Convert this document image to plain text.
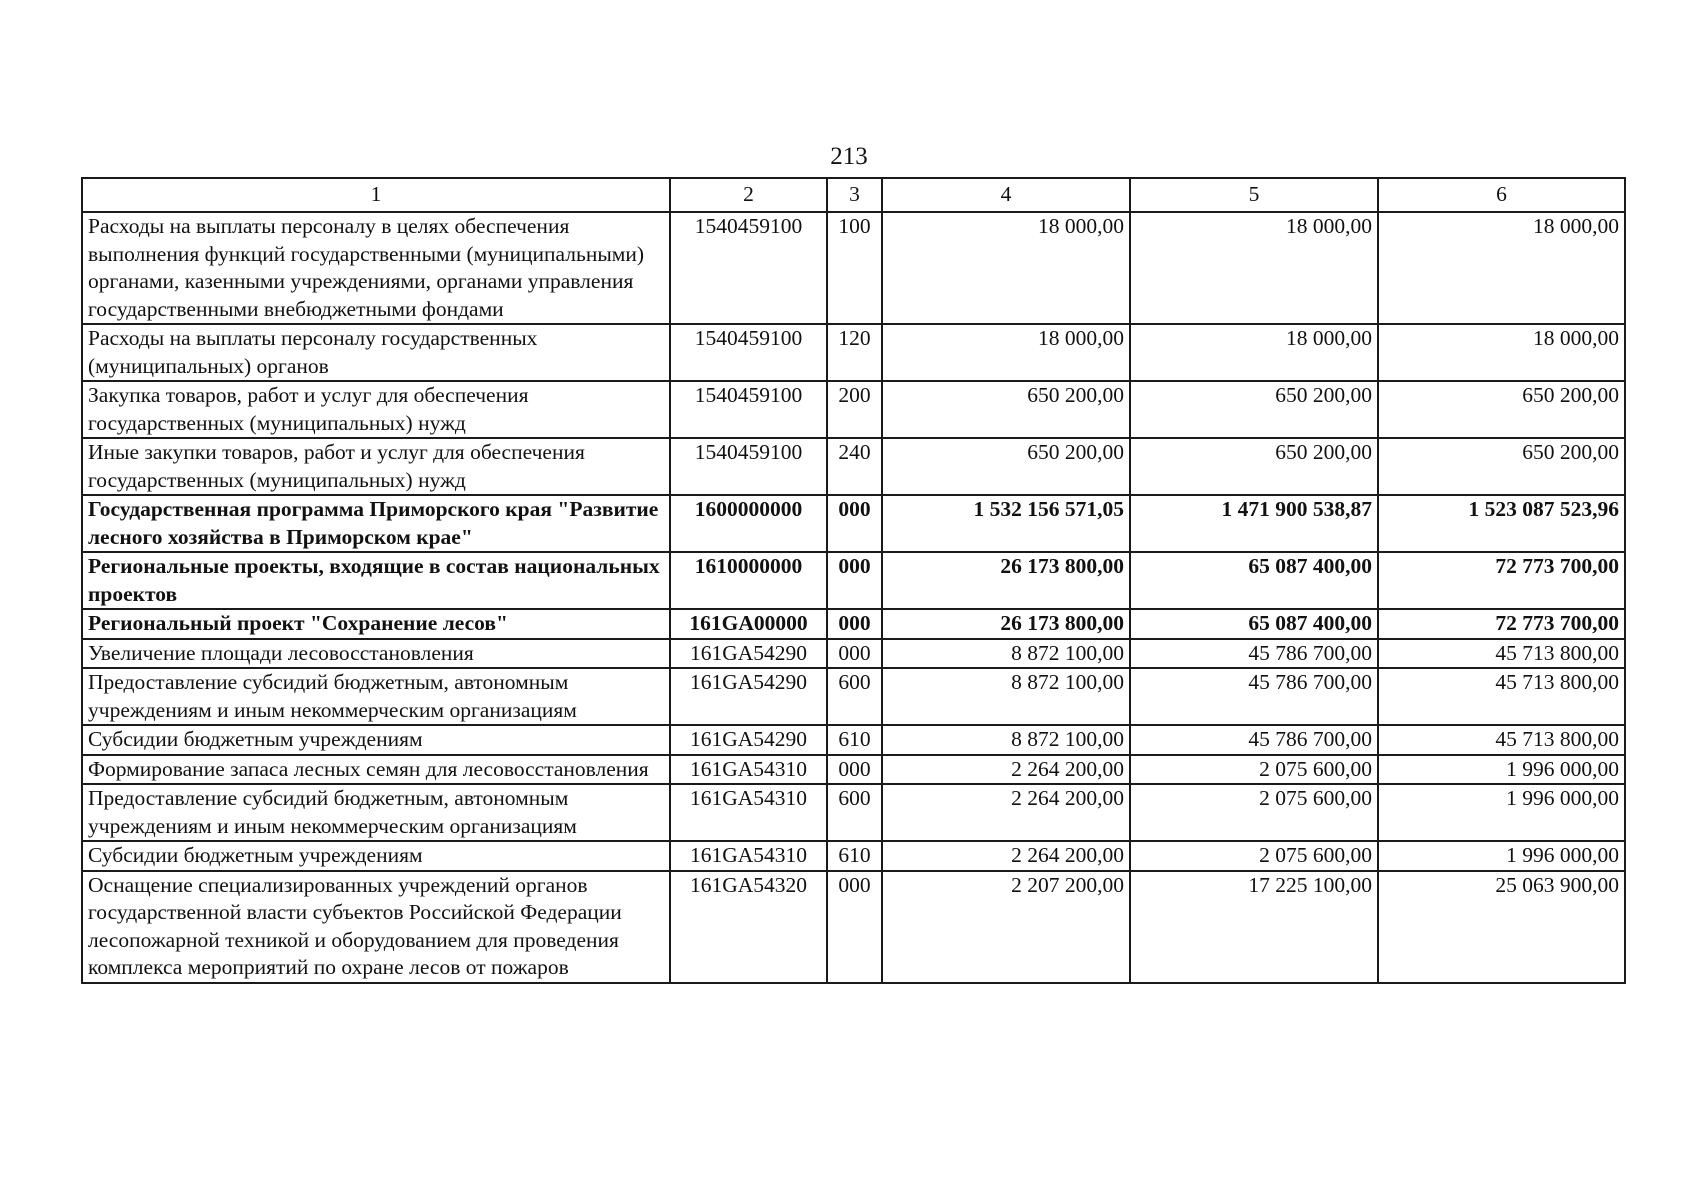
213
1	2	3	4	5	6
Расходы на выплаты персоналу в целях обеспечения выполнения функций государственными (муниципальными) органами, казенными учреждениями, органами управления государственными внебюджетными фондами	1540459100	100	18 000,00	18 000,00	18 000,00
Расходы на выплаты персоналу государственных (муниципальных) органов	1540459100	120	18 000,00	18 000,00	18 000,00
Закупка товаров, работ и услуг для обеспечения государственных (муниципальных) нужд	1540459100	200	650 200,00	650 200,00	650 200,00
Иные закупки товаров, работ и услуг для обеспечения государственных (муниципальных) нужд	1540459100	240	650 200,00	650 200,00	650 200,00
Государственная программа Приморского края "Развитие лесного хозяйства в Приморском крае"	1600000000	000	1 532 156 571,05	1 471 900 538,87	1 523 087 523,96
Региональные проекты, входящие в состав национальных проектов	1610000000	000	26 173 800,00	65 087 400,00	72 773 700,00
Региональный проект "Сохранение лесов"	161GA00000	000	26 173 800,00	65 087 400,00	72 773 700,00
Увеличение площади лесовосстановления	161GA54290	000	8 872 100,00	45 786 700,00	45 713 800,00
Предоставление субсидий бюджетным, автономным учреждениям и иным некоммерческим организациям	161GA54290	600	8 872 100,00	45 786 700,00	45 713 800,00
Субсидии бюджетным учреждениям	161GA54290	610	8 872 100,00	45 786 700,00	45 713 800,00
Формирование запаса лесных семян для лесовосстановления	161GA54310	000	2 264 200,00	2 075 600,00	1 996 000,00
Предоставление субсидий бюджетным, автономным учреждениям и иным некоммерческим организациям	161GA54310	600	2 264 200,00	2 075 600,00	1 996 000,00
Субсидии бюджетным учреждениям	161GA54310	610	2 264 200,00	2 075 600,00	1 996 000,00
Оснащение специализированных учреждений органов государственной власти субъектов Российской Федерации лесопожарной техникой и оборудованием для проведения комплекса мероприятий по охране лесов от пожаров	161GA54320	000	2 207 200,00	17 225 100,00	25 063 900,00
